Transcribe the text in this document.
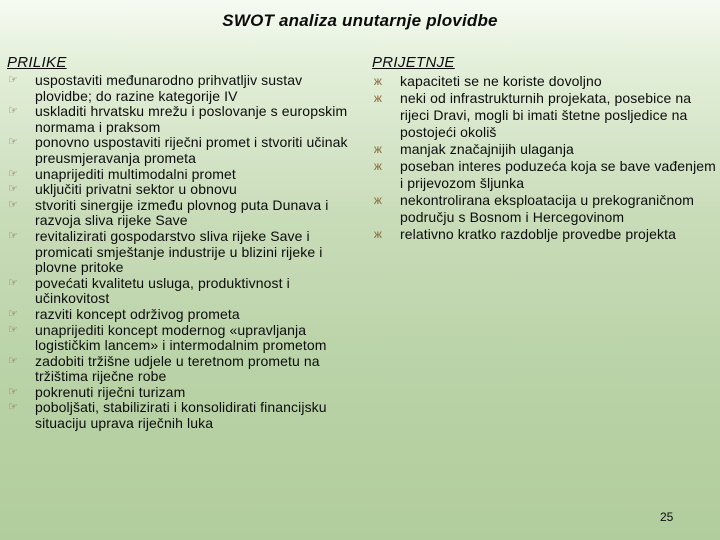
SWOT analiza unutarnje plovidbe
PRILIKE
☞ uspostaviti međunarodno prihvatljiv sustav plovidbe; do razine kategorije IV
☞ uskladiti hrvatsku mrežu i poslovanje s europskim normama i praksom
☞ ponovno uspostaviti riječni promet i stvoriti učinak preusmjeravanja prometa
☞ unaprijediti multimodalni promet
☞ uključiti privatni sektor u obnovu
☞ stvoriti sinergije između plovnog puta Dunava i razvoja sliva rijeke Save
☞ revitalizirati gospodarstvo sliva rijeke Save i promicati smještanje industrije u blizini rijeke i plovne pritoke
☞ povećati kvalitetu usluga, produktivnost i učinkovitost
☞ razviti koncept održivog prometa
☞ unaprijediti koncept modernog «upravljanja logističkim lancem» i intermodalnim prometom
☞ zadobiti tržišne udjele u teretnom prometu na tržištima riječne robe
☞ pokrenuti riječni turizam
☞ poboljšati, stabilizirati i konsolidirati financijsku situaciju uprava riječnih luka
PRIJETNJE
ж kapaciteti se ne koriste dovoljno
ж neki od infrastrukturnih projekata, posebice na rijeci Dravi, mogli bi imati štetne posljedice na postojeći okoliš
ж manjak značajnijih ulaganja
ж poseban interes poduzeća koja se bave vađenjem i prijevozom šljunka
ж nekontrolirana eksploatacija u prekograničnom području s Bosnom i Hercegovinom
ж relativno kratko razdoblje provedbe projekta
25
